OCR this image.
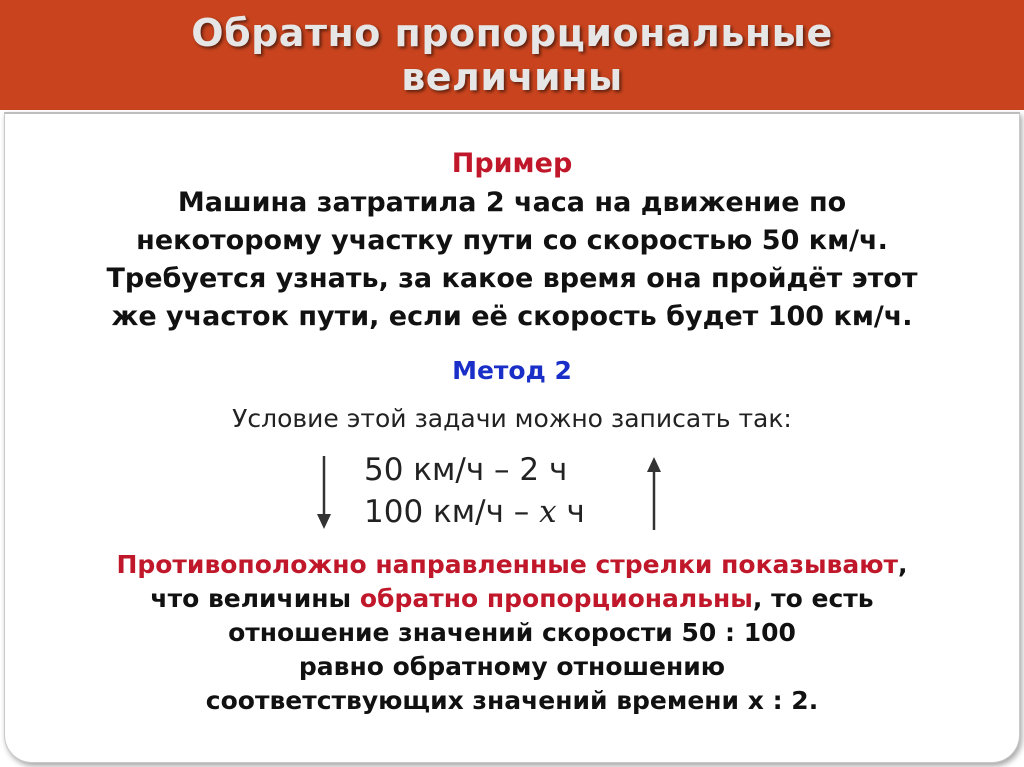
Обратно пропорциональные
величины
Пример
Машина затратила 2 часа на движение по
некоторому участку пути со скоростью 50 км/ч.
Требуется узнать, за какое время она пройдёт этот
же участок пути, если её скорость будет 100 км/ч.
Метод 2
Условие этой задачи можно записать так:
50 км/ч – 2 ч
100 км/ч – x ч
Противоположно направленные стрелки показывают,
что величины обратно пропорциональны, то есть
отношение значений скорости 50 : 100
равно обратному отношению
соответствующих значений времени х : 2.
